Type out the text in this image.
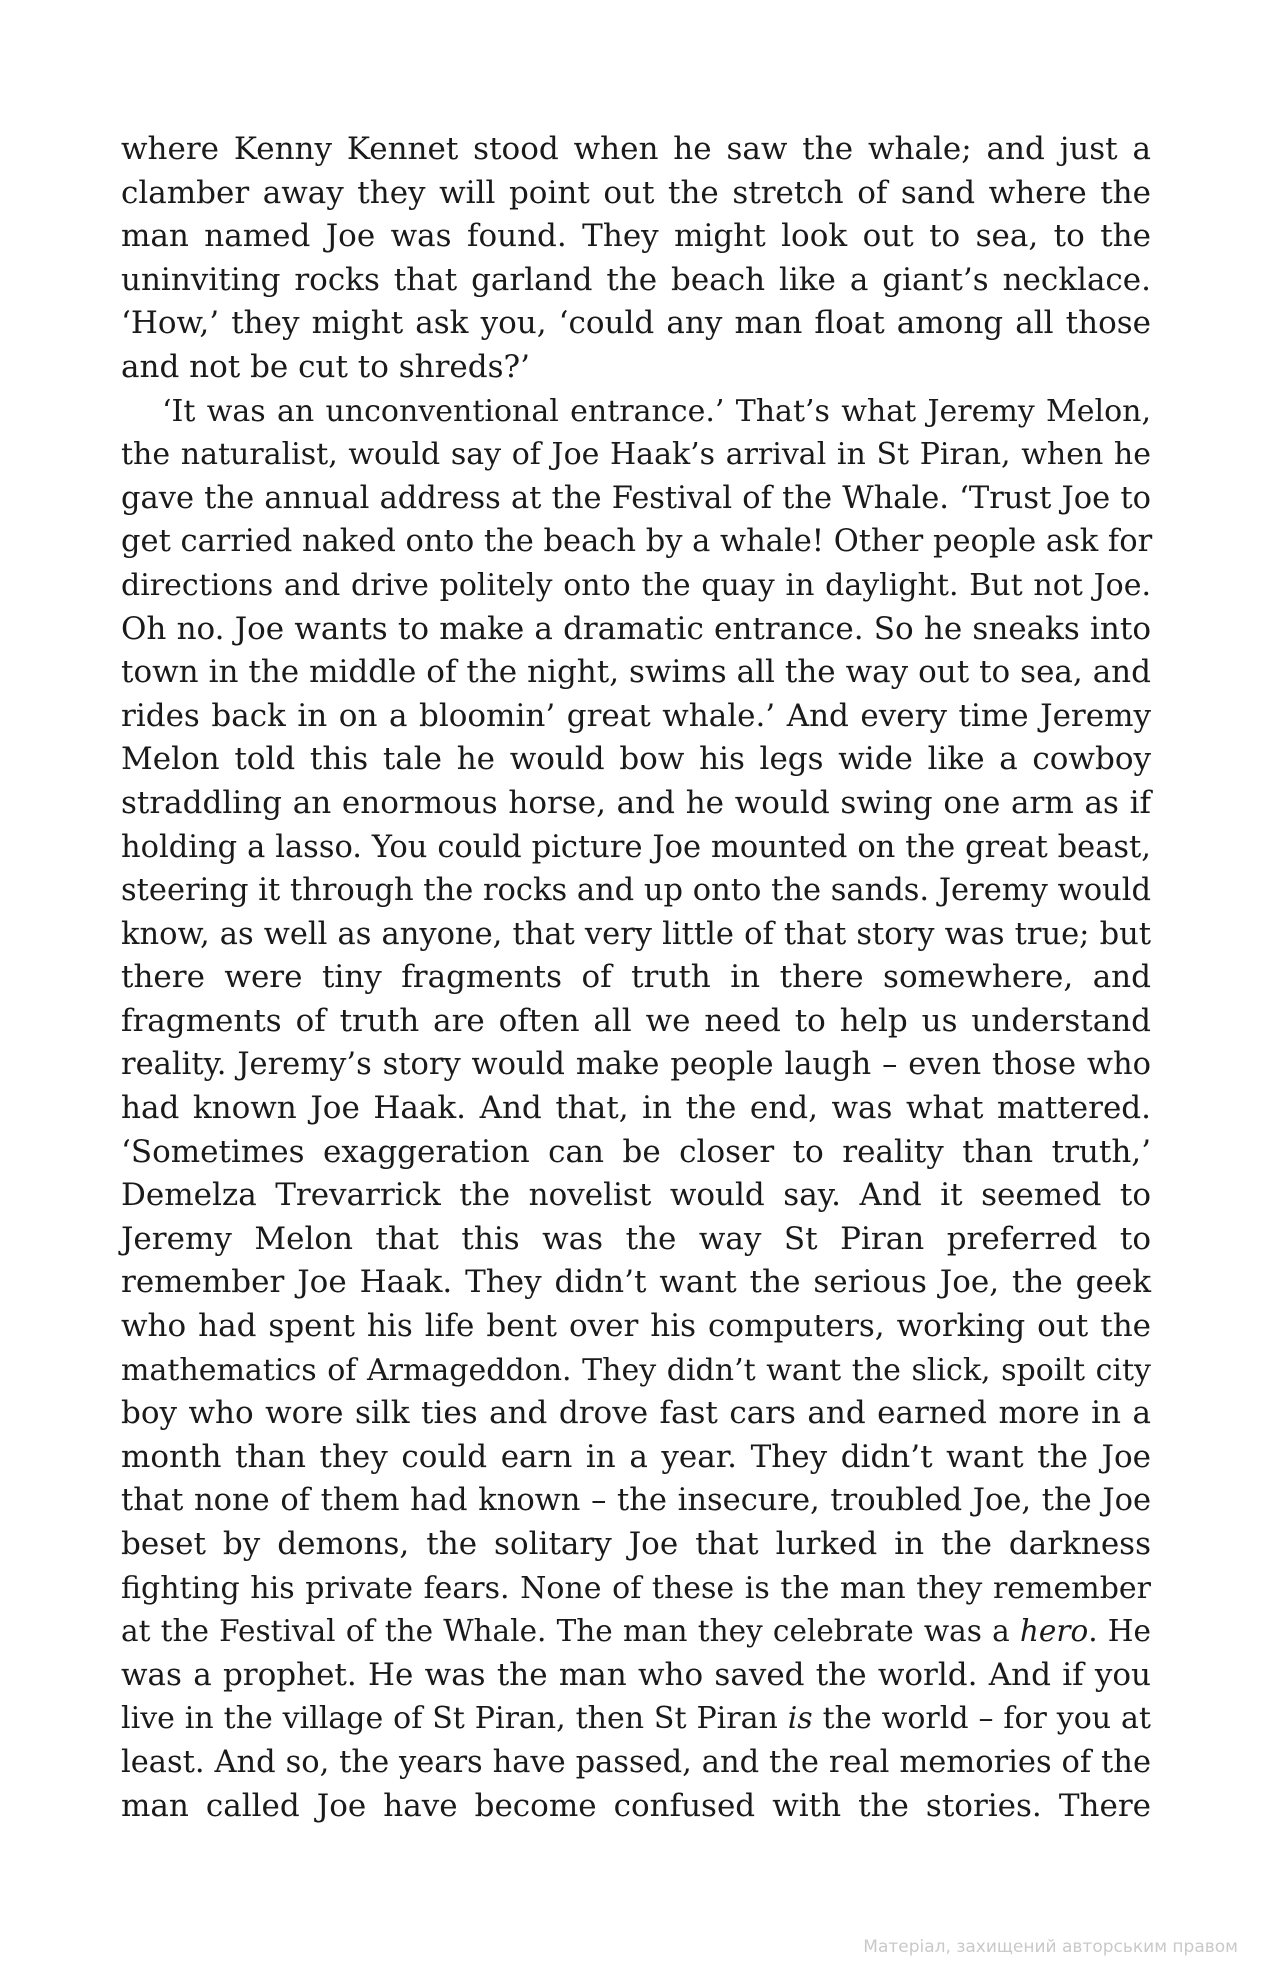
where Kenny Kennet stood when he saw the whale; and just a
clamber away they will point out the stretch of sand where the
man named Joe was found. They might look out to sea, to the
uninviting rocks that garland the beach like a giant’s necklace.
‘How,’ they might ask you, ‘could any man float among all those
and not be cut to shreds?’
‘It was an unconventional entrance.’ That’s what Jeremy Melon,
the naturalist, would say of Joe Haak’s arrival in St Piran, when he
gave the annual address at the Festival of the Whale. ‘Trust Joe to
get carried naked onto the beach by a whale! Other people ask for
directions and drive politely onto the quay in daylight. But not Joe.
Oh no. Joe wants to make a dramatic entrance. So he sneaks into
town in the middle of the night, swims all the way out to sea, and
rides back in on a bloomin’ great whale.’ And every time Jeremy
Melon told this tale he would bow his legs wide like a cowboy
straddling an enormous horse, and he would swing one arm as if
holding a lasso. You could picture Joe mounted on the great beast,
steering it through the rocks and up onto the sands. Jeremy would
know, as well as anyone, that very little of that story was true; but
there were tiny fragments of truth in there somewhere, and
fragments of truth are often all we need to help us understand
reality. Jeremy’s story would make people laugh – even those who
had known Joe Haak. And that, in the end, was what mattered.
‘Sometimes exaggeration can be closer to reality than truth,’
Demelza Trevarrick the novelist would say. And it seemed to
Jeremy Melon that this was the way St Piran preferred to
remember Joe Haak. They didn’t want the serious Joe, the geek
who had spent his life bent over his computers, working out the
mathematics of Armageddon. They didn’t want the slick, spoilt city
boy who wore silk ties and drove fast cars and earned more in a
month than they could earn in a year. They didn’t want the Joe
that none of them had known – the insecure, troubled Joe, the Joe
beset by demons, the solitary Joe that lurked in the darkness
fighting his private fears. None of these is the man they remember
at the Festival of the Whale. The man they celebrate was a hero. He
was a prophet. He was the man who saved the world. And if you
live in the village of St Piran, then St Piran is the world – for you at
least. And so, the years have passed, and the real memories of the
man called Joe have become confused with the stories. There
Матеріал, захищений авторським правом
